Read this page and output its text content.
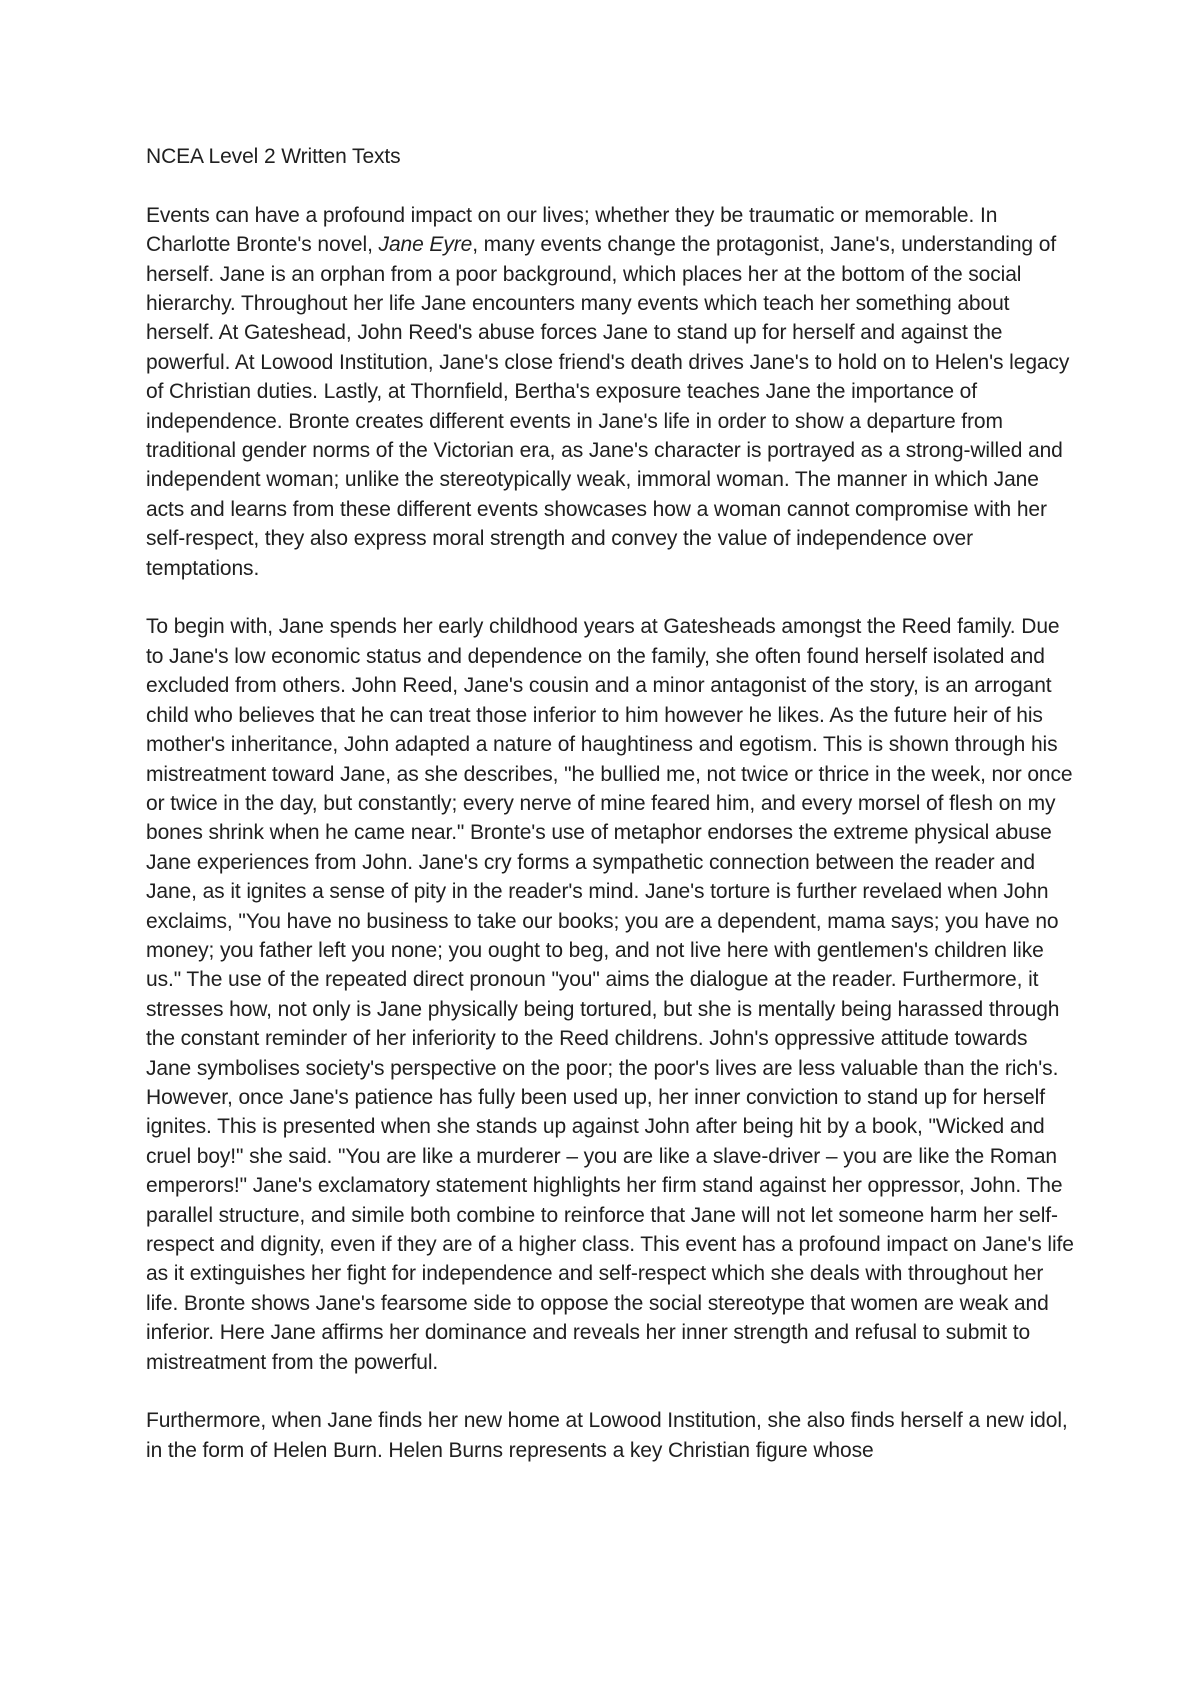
NCEA Level 2 Written Texts

Events can have a profound impact on our lives; whether they be traumatic or memorable. In Charlotte Bronte's novel, Jane Eyre, many events change the protagonist, Jane's, understanding of herself. Jane is an orphan from a poor background, which places her at the bottom of the social hierarchy. Throughout her life Jane encounters many events which teach her something about herself. At Gateshead, John Reed's abuse forces Jane to stand up for herself and against the powerful. At Lowood Institution, Jane's close friend's death drives Jane's to hold on to Helen's legacy of Christian duties. Lastly, at Thornfield, Bertha's exposure teaches Jane the importance of independence. Bronte creates different events in Jane's life in order to show a departure from traditional gender norms of the Victorian era, as Jane's character is portrayed as a strong-willed and independent woman; unlike the stereotypically weak, immoral woman. The manner in which Jane acts and learns from these different events showcases how a woman cannot compromise with her self-respect, they also express moral strength and convey the value of independence over temptations.

To begin with, Jane spends her early childhood years at Gatesheads amongst the Reed family. Due to Jane's low economic status and dependence on the family, she often found herself isolated and excluded from others. John Reed, Jane's cousin and a minor antagonist of the story, is an arrogant child who believes that he can treat those inferior to him however he likes. As the future heir of his mother's inheritance, John adapted a nature of haughtiness and egotism. This is shown through his mistreatment toward Jane, as she describes, "he bullied me, not twice or thrice in the week, nor once or twice in the day, but constantly; every nerve of mine feared him, and every morsel of flesh on my bones shrink when he came near." Bronte's use of metaphor endorses the extreme physical abuse Jane experiences from John. Jane's cry forms a sympathetic connection between the reader and Jane, as it ignites a sense of pity in the reader's mind. Jane's torture is further revelaed when John exclaims, "You have no business to take our books; you are a dependent, mama says; you have no money; you father left you none; you ought to beg, and not live here with gentlemen's children like us." The use of the repeated direct pronoun "you" aims the dialogue at the reader. Furthermore, it stresses how, not only is Jane physically being tortured, but she is mentally being harassed through the constant reminder of her inferiority to the Reed childrens. John's oppressive attitude towards Jane symbolises society's perspective on the poor; the poor's lives are less valuable than the rich's. However, once Jane's patience has fully been used up, her inner conviction to stand up for herself ignites. This is presented when she stands up against John after being hit by a book, "Wicked and cruel boy!" she said. "You are like a murderer – you are like a slave-driver – you are like the Roman emperors!" Jane's exclamatory statement highlights her firm stand against her oppressor, John. The parallel structure, and simile both combine to reinforce that Jane will not let someone harm her self-respect and dignity, even if they are of a higher class. This event has a profound impact on Jane's life as it extinguishes her fight for independence and self-respect which she deals with throughout her life. Bronte shows Jane's fearsome side to oppose the social stereotype that women are weak and inferior. Here Jane affirms her dominance and reveals her inner strength and refusal to submit to mistreatment from the powerful.

Furthermore, when Jane finds her new home at Lowood Institution, she also finds herself a new idol, in the form of Helen Burn. Helen Burns represents a key Christian figure whose
